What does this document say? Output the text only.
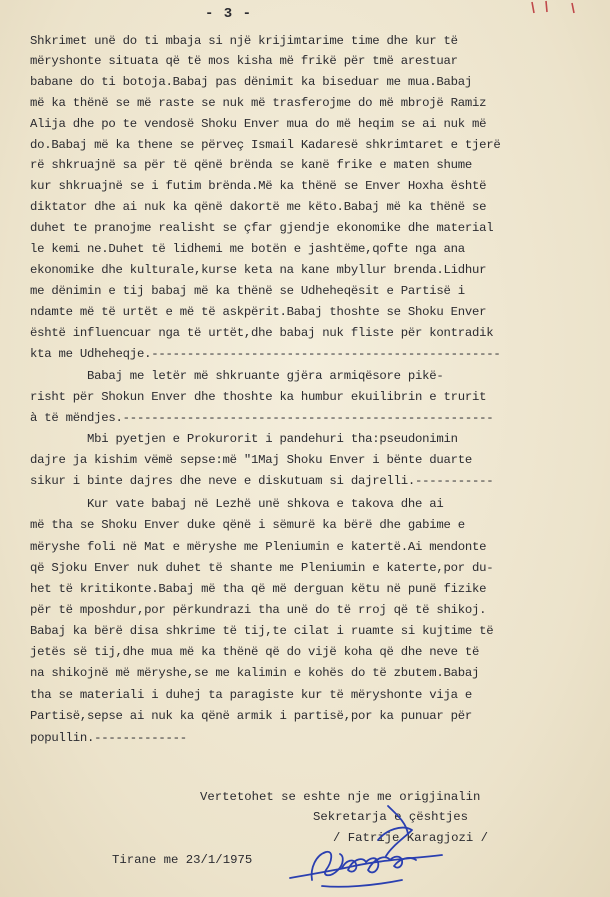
- 3 -
Shkrimet unë do ti mbaja si një krijimtarime time dhe kur të
mëryshonte situata që të mos kisha më frikë për tmë arestuar
babane do ti botoja.Babaj pas dënimit ka biseduar me mua.Babaj
më ka thënë se më raste se nuk më trasferojme do më mbrojë Ramiz
Alija dhe po te vendosë Shoku Enver mua do më heqim se ai nuk më
do.Babaj më ka thene se përveç Ismail Kadaresë shkrimtaret e tjerë
rë shkruajnë sa për të qënë brënda se kanë frike e maten shume
kur shkruajnë se i futim brënda.Më ka thënë se Enver Hoxha është
diktator dhe ai nuk ka qënë dakortë me këto.Babaj më ka thënë se
duhet te pranojme realisht se çfar gjendje ekonomike dhe material
le kemi ne.Duhet të lidhemi me botën e jashtëme,qofte nga ana
ekonomike dhe kulturale,kurse keta na kane mbyllur brenda.Lidhur
me dënimin e tij babaj më ka thënë se Udheheqësit e Partisë i
ndamte më të urtët e më të askpërit.Babaj thoshte se Shoku Enver
është influencuar nga të urtët,dhe babaj nuk fliste për kontradik
kta me Udheheqje.-------------------------------------------------
Babaj me letër më shkruante gjëra armiqësore pikë-
risht për Shokun Enver dhe thoshte ka humbur ekuilibrin e trurit
à të mëndjes.----------------------------------------------------
Mbi pyetjen e Prokurorit i pandehuri tha:pseudonimin
dajre ja kishim vëmë sepse:më "1Maj Shoku Enver i bënte duarte
sikur i binte dajres dhe neve e diskutuam si dajrelli.-----------
Kur vate babaj në Lezhë unë shkova e takova dhe ai
më tha se Shoku Enver duke qënë i sëmurë ka bërë dhe gabime e
mëryshe foli në Mat e mëryshe me Pleniumin e katertë.Ai mendonte
që Sjoku Enver nuk duhet të shante me Pleniumin e katerte,por du-
het të kritikonte.Babaj më tha që më derguan këtu në punë fizike
për të mposhdur,por përkundrazi tha unë do të rroj që të shikoj.
Babaj ka bërë disa shkrime të tij,te cilat i ruamte si kujtime të
jetës së tij,dhe mua më ka thënë që do vijë koha që dhe neve të
na shikojnë më mëryshe,se me kalimin e kohës do të zbutem.Babaj
tha se materiali i duhej ta paragiste kur të mëryshonte vija e
Partisë,sepse ai nuk ka qënë armik i partisë,por ka punuar për
popullin.-------------
Vertetohet se eshte nje me origjinalin
Sekretarja e çështjes
/ Fatrije Karagjozi /
Tirane me 23/1/1975
